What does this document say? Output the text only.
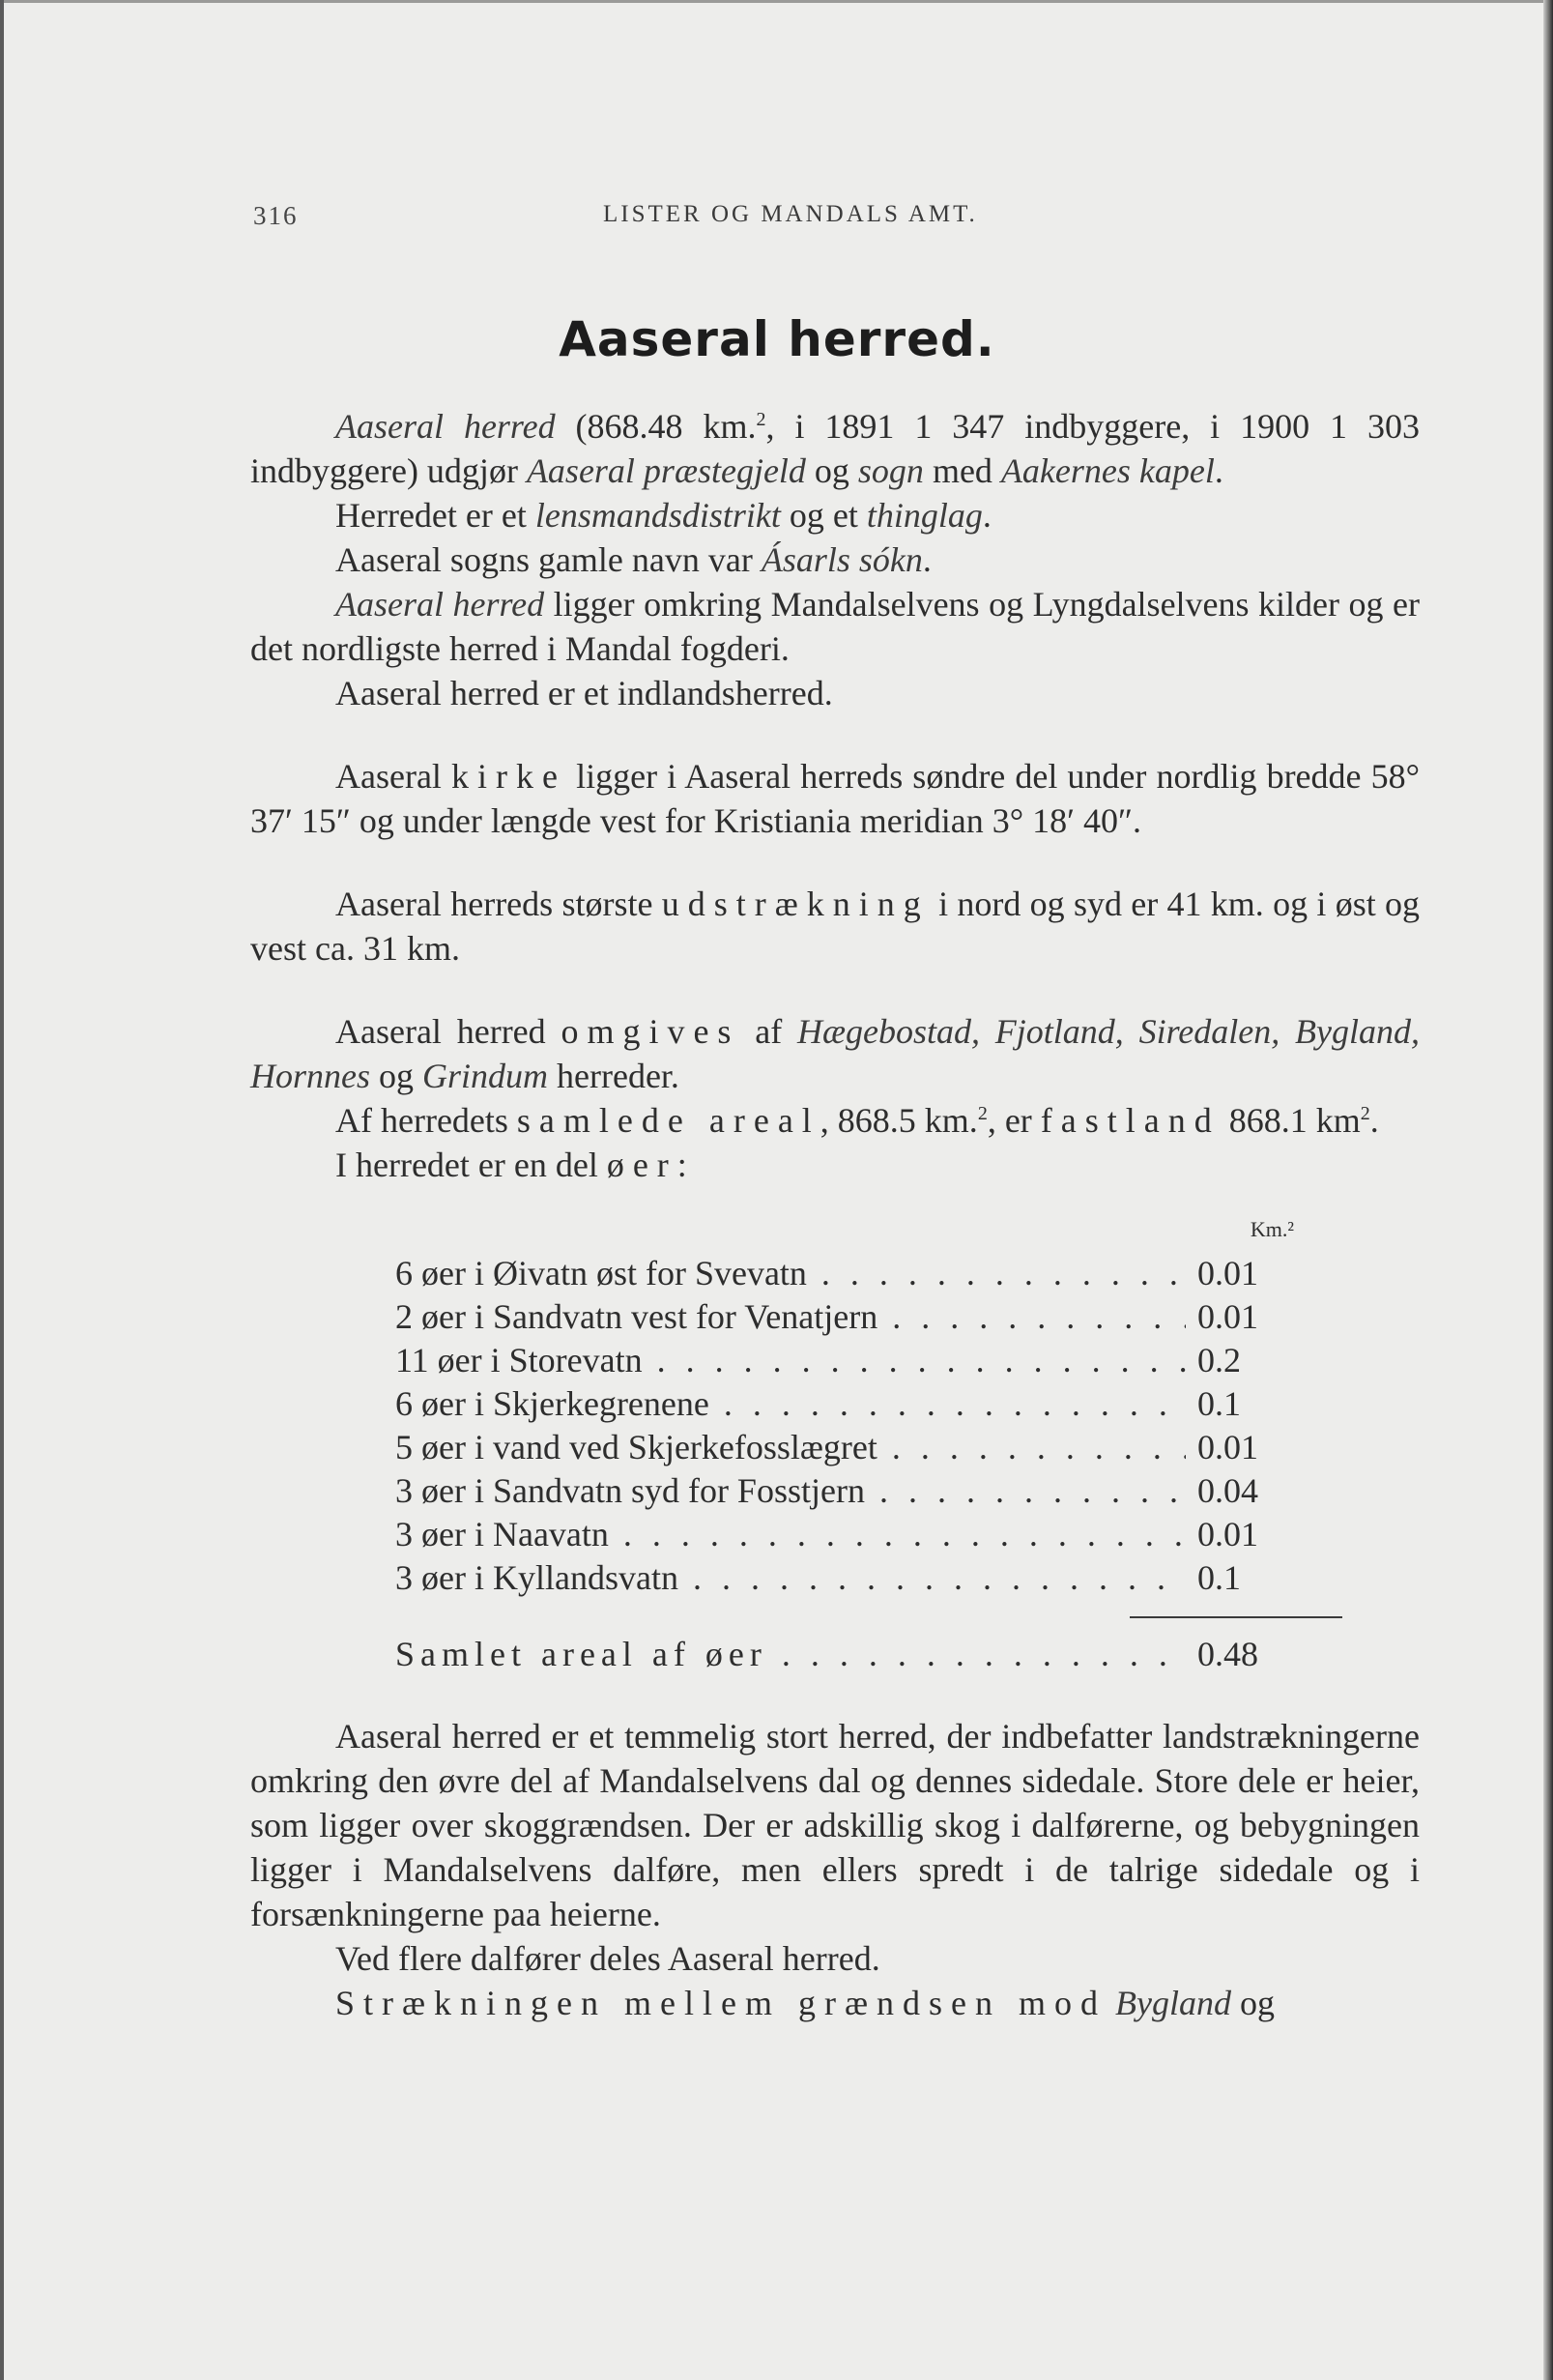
316	LISTER OG MANDALS AMT.
Aaseral herred.

Aaseral herred (868.48 km.$^2$, i 1891 1 347 indbyggere, i 1900 1 303 indbyggere) udgjør Aaseral præstegjeld og sogn med Aakernes kapel.

Herredet er et lensmandsdistrikt og et thinglag.

Aaseral sogns gamle navn var Ásarls sókn.

Aaseral herred ligger omkring Mandalselvens og Lyngdalselvens kilder og er det nordligste herred i Mandal fogderi.

Aaseral herred er et indlandsherred.

Aaseral kirke ligger i Aaseral herreds søndre del under nordlig bredde 58° 37′ 15″ og under længde vest for Kristiania meridian 3° 18′ 40″.

Aaseral herreds største udstrækning i nord og syd er 41 km. og i øst og vest ca. 31 km.

Aaseral herred omgives af Hægebostad, Fjotland, Siredalen, Bygland, Hornnes og Grindum herreder.

Af herredets samlede areal, 868.5 km.$^2$, er fastland 868.1 $km^2$.

I herredet er en del øer:

Km.²
6 øer i Øivatn øst for Svevatn . . .	0.01
2 øer i Sandvatn vest for Venatjern . . .	0.01
11 øer i Storevatn . . .	0.2
6 øer i Skjerkegrenene . . .	0.1
5 øer i vand ved Skjerkefosslægret . . .	0.01
3 øer i Sandvatn syd for Fosstjern . . .	0.04
3 øer i Naavatn . . .	0.01
3 øer i Kyllandsvatn . . .	0.1
Samlet areal af øer . . .	0.48

Aaseral herred er et temmelig stort herred, der indbefatter landstrækningerne omkring den øvre del af Mandalselvens dal og dennes sidedale. Store dele er heier, som ligger over skoggrændsen. Der er adskillig skog i dalførerne, og bebygningen ligger i Mandalselvens dalføre, men ellers spredt i de talrige sidedale og i forsænkningerne paa heierne.

Ved flere dalfører deles Aaseral herred.

Strækningen mellem grændsen mod Bygland og
